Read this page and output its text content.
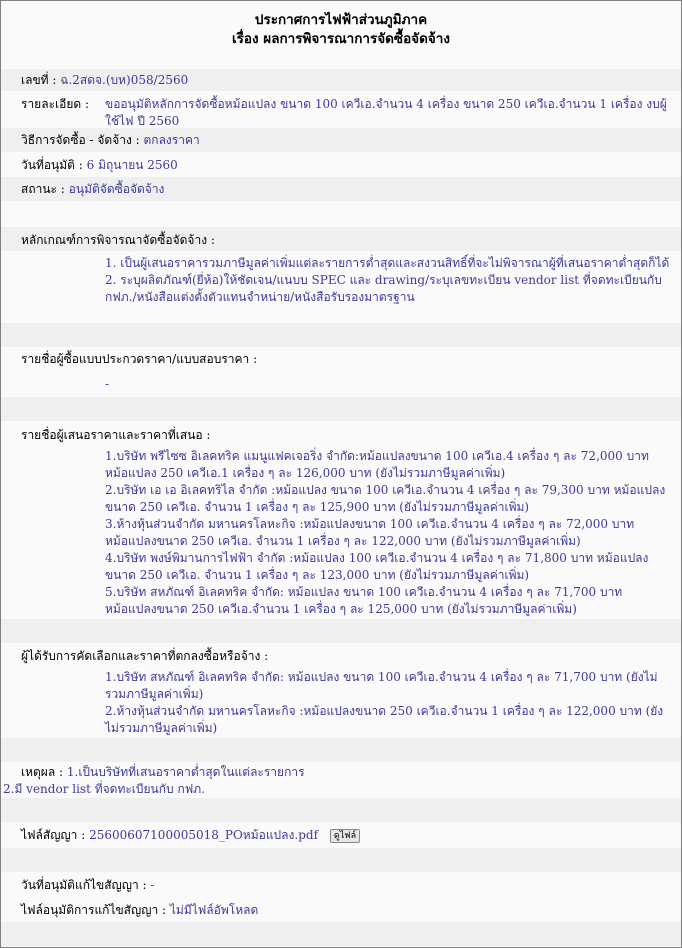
ประกาศการไฟฟ้าส่วนภูมิภาค
เรื่อง ผลการพิจารณาการจัดซื้อจัดจ้าง
เลขที่ : ฉ.2สดจ.(บห)058/2560
รายละเอียด :	ขออนุมัติหลักการจัดซื้อหม้อแปลง ขนาด 100 เควีเอ.จำนวน 4 เครื่อง ขนาด 250 เควีเอ.จำนวน 1 เครื่อง งบผู้ใช้ไฟ ปี 2560
วิธีการจัดซื้อ - จัดจ้าง : ตกลงราคา
วันที่อนุมัติ : 6 มิถุนายน 2560
สถานะ : อนุมัติจัดซื้อจัดจ้าง
หลักเกณฑ์การพิจารณาจัดซื้อจัดจ้าง :
1. เป็นผู้เสนอราคารวมภาษีมูลค่าเพิ่มแต่ละรายการต่ำสุดและสงวนสิทธิ์ที่จะไม่พิจารณาผู้ที่เสนอราคาต่ำสุดก็ได้
2. ระบุผลิตภัณฑ์(ยี่ห้อ)ให้ชัดเจน/แนบบ SPEC และ drawing/ระบุเลขทะเบียน vendor list ที่จดทะเบียนกับ กฟภ./หนังสือแต่งตั้งตัวแทนจำหน่าย/หนังสือรับรองมาตรฐาน
รายชื่อผู้ซื้อแบบประกวดราคา/แบบสอบราคา :
-
รายชื่อผู้เสนอราคาและราคาที่เสนอ :
1.บริษัท พรีไซซ อิเลคทริค แมนูแฟคเจอริ่ง จำกัด:หม้อแปลงขนาด 100 เควีเอ.4 เครื่อง ๆ ละ 72,000 บาท หม้อแปลง 250 เควีเอ.1 เครื่อง ๆ ละ 126,000 บาท (ยังไม่รวมภาษีมูลค่าเพิ่ม)
2.บริษัท เอ เอ อิเลคทริไล จำกัด :หม้อแปลง ขนาด 100 เควีเอ.จำนวน 4 เครื่อง ๆ ละ 79,300 บาท หม้อแปลงขนาด 250 เควีเอ. จำนวน 1 เครื่อง ๆ ละ 125,900 บาท (ยังไม่รวมภาษีมูลค่าเพิ่ม)
3.ห้างหุ้นส่วนจำกัด มหานครโลหะกิจ :หม้อแปลงขนาด 100 เควีเอ.จำนวน 4 เครื่อง ๆ ละ 72,000 บาท หม้อแปลงขนาด 250 เควีเอ. จำนวน 1 เครื่อง ๆ ละ 122,000 บาท (ยังไม่รวมภาษีมูลค่าเพิ่ม)
4.บริษัท พงษ์พิมานการไฟฟ้า จำกัด :หม้อแปลง 100 เควีเอ.จำนวน 4 เครื่อง ๆ ละ 71,800 บาท หม้อแปลงขนาด 250 เควีเอ. จำนวน 1 เครื่อง ๆ ละ 123,000 บาท (ยังไม่รวมภาษีมูลค่าเพิ่ม)
5.บริษัท สหภัณฑ์ อิเลคทริค จำกัด: หม้อแปลง ขนาด 100 เควีเอ.จำนวน 4 เครื่อง ๆ ละ 71,700 บาท หม้อแปลงขนาด 250 เควีเอ.จำนวน 1 เครื่อง ๆ ละ 125,000 บาท (ยังไม่รวมภาษีมูลค่าเพิ่ม)
ผู้ได้รับการคัดเลือกและราคาที่ตกลงซื้อหรือจ้าง :
1.บริษัท สหภัณฑ์ อิเลคทริค จำกัด: หม้อแปลง ขนาด 100 เควีเอ.จำนวน 4 เครื่อง ๆ ละ 71,700 บาท (ยังไม่รวมภาษีมูลค่าเพิ่ม)
2.ห้างหุ้นส่วนจำกัด มหานครโลหะกิจ :หม้อแปลงขนาด 250 เควีเอ.จำนวน 1 เครื่อง ๆ ละ 122,000 บาท (ยังไม่รวมภาษีมูลค่าเพิ่ม)
เหตุผล : 1.เป็นบริษัทที่เสนอราคาต่ำสุดในแต่ละรายการ
2.มี vendor list ที่จดทะเบียนกับ กฟภ.
ไฟล์สัญญา : 25600607100005018_POหม้อแปลง.pdf ดูไฟล์
วันที่อนุมัติแก้ไขสัญญา : -
ไฟล์อนุมัติการแก้ไขสัญญา : ไม่มีไฟล์อัพโหลด
